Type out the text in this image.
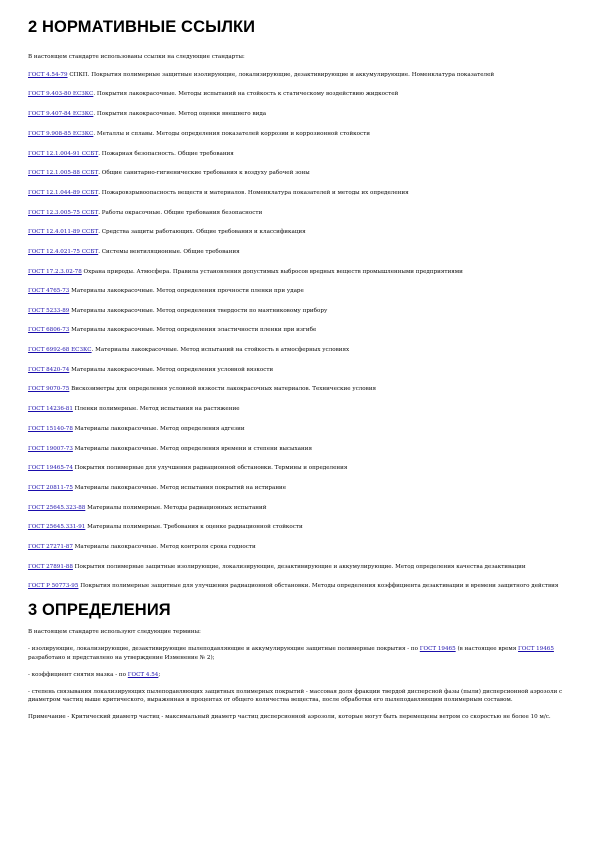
2 НОРМАТИВНЫЕ ССЫЛКИ

В настоящем стандарте использованы ссылки на следующие стандарты:

ГОСТ 4.54-79 СПКП. Покрытия полимерные защитные изолирующие, локализирующие, дезактивирующие и аккумулирующие. Номенклатура показателей

ГОСТ 9.403-80 ЕСЗКС. Покрытия лакокрасочные. Методы испытаний на стойкость к статическому воздействию жидкостей

ГОСТ 9.407-84 ЕСЗКС. Покрытия лакокрасочные. Метод оценки внешнего вида

ГОСТ 9.908-85 ЕСЗКС. Металлы и сплавы. Методы определения показателей коррозии и коррозионной стойкости

ГОСТ 12.1.004-91 ССБТ. Пожарная безопасность. Общие требования

ГОСТ 12.1.005-88 ССБТ. Общие санитарно-гигиенические требования к воздуху рабочей зоны

ГОСТ 12.1.044-89 ССБТ. Пожаровзрывоопасность веществ и материалов. Номенклатура показателей и методы их определения

ГОСТ 12.3.005-75 ССБТ. Работы окрасочные. Общие требования безопасности

ГОСТ 12.4.011-89 ССБТ. Средства защиты работающих. Общие требования и классификация

ГОСТ 12.4.021-75 ССБТ. Системы вентиляционные. Общие требования

ГОСТ 17.2.3.02-78 Охрана природы. Атмосфера. Правила установления допустимых выбросов вредных веществ промышленными предприятиями

ГОСТ 4765-73 Материалы лакокрасочные. Метод определения прочности пленки при ударе

ГОСТ 5233-89 Материалы лакокрасочные. Метод определения твердости по маятниковому прибору

ГОСТ 6806-73 Материалы лакокрасочные. Метод определения эластичности пленки при изгибе

ГОСТ 6992-68 ЕСЗКС. Материалы лакокрасочные. Метод испытаний на стойкость в атмосферных условиях

ГОСТ 8420-74 Материалы лакокрасочные. Метод определения условной вязкости

ГОСТ 9070-75 Вискозиметры для определения условной вязкости лакокрасочных материалов. Технические условия

ГОСТ 14236-81 Пленки полимерные. Метод испытания на растяжение

ГОСТ 15140-78 Материалы лакокрасочные. Метод определения адгезии

ГОСТ 19007-73 Материалы лакокрасочные. Метод определения времени и степени высыхания

ГОСТ 19465-74 Покрытия полимерные для улучшения радиационной обстановки. Термины и определения

ГОСТ 20811-75 Материалы лакокрасочные. Метод испытания покрытий на истирание

ГОСТ 25645.323-88 Материалы полимерные. Методы радиационных испытаний

ГОСТ 25645.331-91 Материалы полимерные. Требования к оценке радиационной стойкости

ГОСТ 27271-87 Материалы лакокрасочные. Метод контроля срока годности

ГОСТ 27891-88 Покрытия полимерные защитные изолирующие, локализирующие, дезактивирующие и аккумулирующие. Метод определения качества дезактивации

ГОСТ Р 50773-95 Покрытия полимерные защитные для улучшения радиационной обстановки. Методы определения коэффициента дезактивации и времени защитного действия

3 ОПРЕДЕЛЕНИЯ

В настоящем стандарте используют следующие термины:

- изолирующие, локализирующие, дезактивирующие пылеподавляющие и аккумулирующие защитные полимерные покрытия - по ГОСТ 19465 (в настоящее время ГОСТ 19465 разработано и представлено на утверждение Изменение № 2);

- коэффициент снятия мазка - по ГОСТ 4.54;

- степень связывания локализирующих пылеподавляющих защитных полимерных покрытий - массовая доля фракции твердой дисперсной фазы (пыли) дисперсионной аэрозоли с диаметром частиц выше критического, выраженная в процентах от общего количества вещества, после обработки его пылеподавляющим полимерным составом.

Примечание - Критический диаметр частиц - максимальный диаметр частиц дисперсионной аэрозоли, которые могут быть перемещены ветром со скоростью не более 10 м/с.
